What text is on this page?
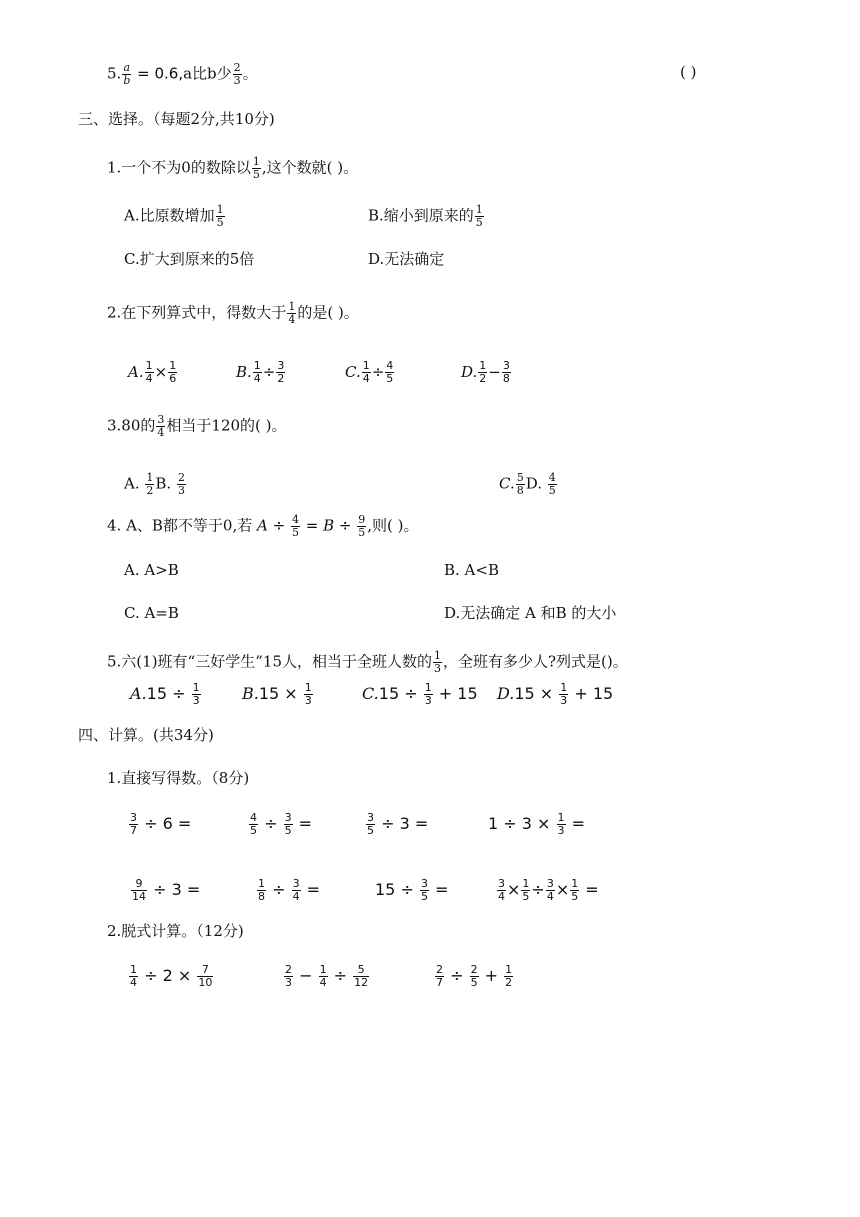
5. $\frac{a}{b} = 0.6,a$比b少 $\frac{2}{3}$ 。	( )
三、选择。（每题2分,共10分)
1.一个不为0的数除以 $\frac{1}{5}$ ,这个数就( )。
A.比原数增加 $\frac{1}{5}$	B.缩小到原来的 $\frac{1}{5}$
C.扩大到原来的5倍	D.无法确定
2.在下列算式中，得数大于 $\frac{1}{4}$ 的是( )。
A. $\frac{1}{4} \times \frac{1}{6}$	B. $\frac{1}{4} \div \frac{3}{2}$	C. $\frac{1}{4} \div \frac{4}{5}$	D. $\frac{1}{2} - \frac{3}{8}$
3.80的 $\frac{3}{4}$ 相当于120的( )。
A. $\frac{1}{2} B$. $\frac{2}{3}$	C. $\frac{5}{8} D$. $\frac{4}{5}$
4. A、B都不等于0,若 $A \div \frac{4}{5} = B \div \frac{9}{5}$ ,则( )。
A. A>B	B. A<B
C. A=B	D.无法确定 A 和B 的大小
5.六(1)班有“三好学生”15人，相当于全班人数的 $\frac{1}{3}$ ，全班有多少人?列式是()。
$A.15 \div \frac{1}{3}$	$B.15 \times \frac{1}{3}$	$C.15 \div \frac{1}{3} + 15$ $D.15 \times \frac{1}{3} + 15$
四、计算。(共34分)
1.直接写得数。（8分)
$\frac{3}{7} \div 6$ =	$\frac{4}{5} \div \frac{3}{5}$ =	$\frac{3}{5} \div 3$ =	$1 \div 3 \times \frac{1}{3}$ =
$\frac{9}{14} \div 3$ =	$\frac{1}{8} \div \frac{3}{4}$ =	$15 \div \frac{3}{5}$ =	$\frac{3}{4} \times \frac{1}{5} \div \frac{3}{4} \times \frac{1}{5}$ =
2.脱式计算。（12分)
$\frac{1}{4} \div 2 \times \frac{7}{10}$	$\frac{2}{3} - \frac{1}{4} \div \frac{5}{12}$	$\frac{2}{7} \div \frac{2}{5} + \frac{1}{2}$
